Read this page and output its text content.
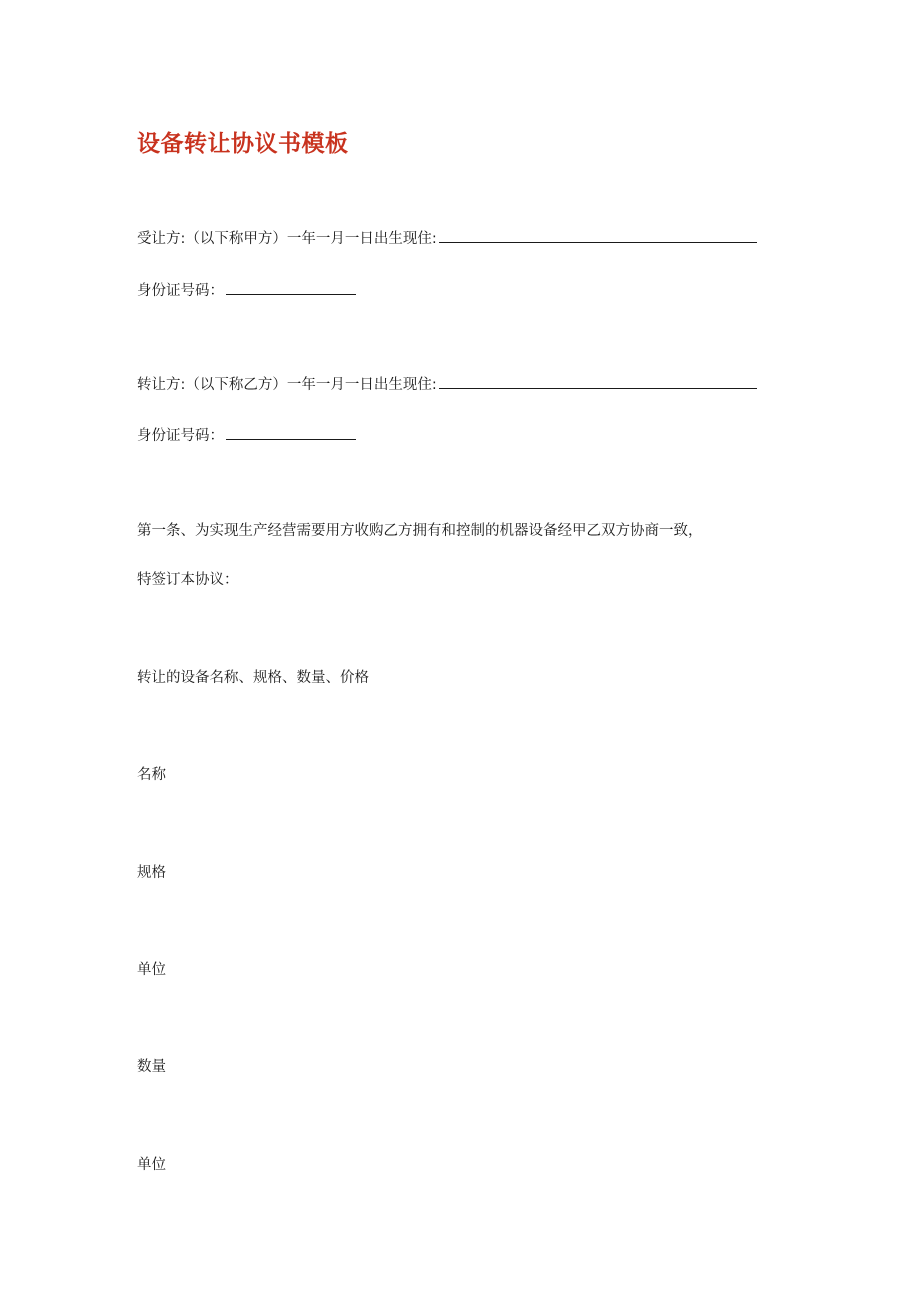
设备转让协议书模板
受让方:（以下称甲方）一年一月一日出生现住:
身份证号码：
转让方:（以下称乙方）一年一月一日出生现住:
身份证号码：
第一条、为实现生产经营需要用方收购乙方拥有和控制的机器设备经甲乙双方协商一致，
特签订本协议：
转让的设备名称、规格、数量、价格
名称
规格
单位
数量
单位
